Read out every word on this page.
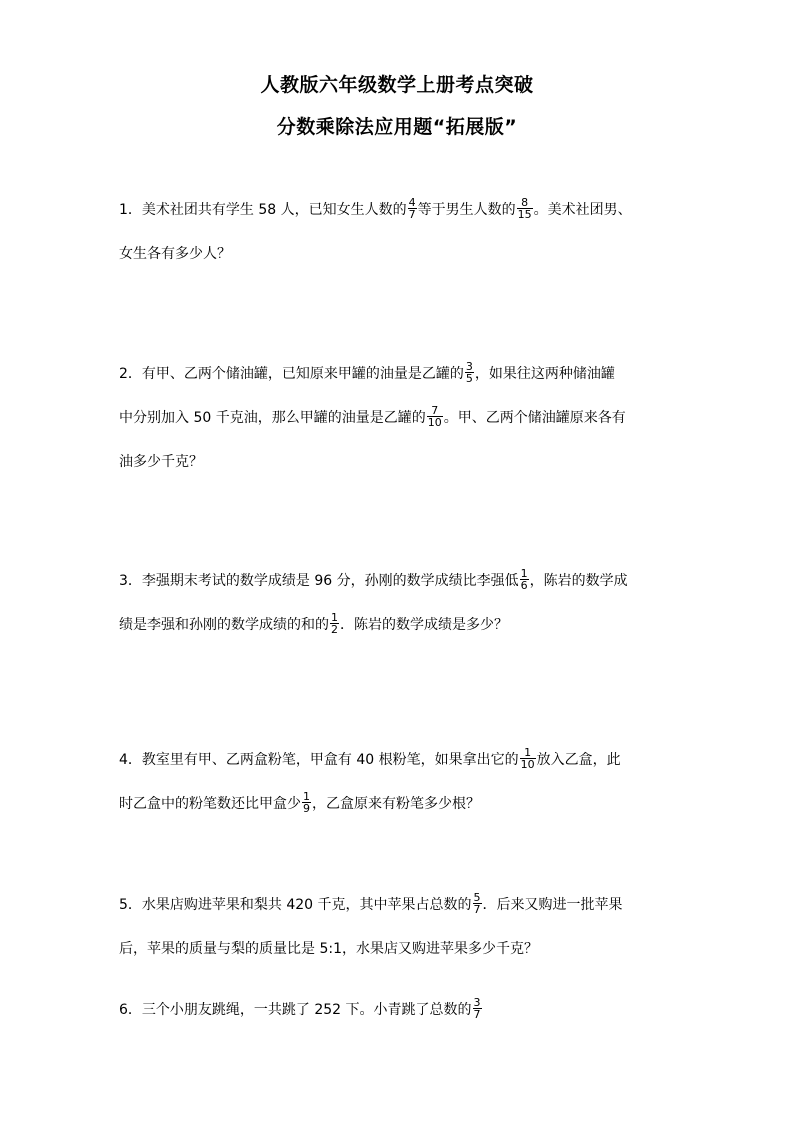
人教版六年级数学上册考点突破
分数乘除法应用题“拓展版”
1．美术社团共有学生 58 人，已知女生人数的 $\frac{4}{7}$ 等于男生人数的 $\frac{8}{15}$ 。美术社团男、
女生各有多少人？
2．有甲、乙两个储油罐，已知原来甲罐的油量是乙罐的 $\frac{3}{5}$ ，如果往这两种储油罐
中分别加入 50 千克油，那么甲罐的油量是乙罐的 $\frac{7}{10}$ 。甲、乙两个储油罐原来各有
油多少千克？
3．李强期末考试的数学成绩是 96 分，孙刚的数学成绩比李强低 $\frac{1}{6}$ ，陈岩的数学成
绩是李强和孙刚的数学成绩的和的 $\frac{1}{2}$ ．陈岩的数学成绩是多少？
4．教室里有甲、乙两盒粉笔，甲盒有 40 根粉笔，如果拿出它的 $\frac{1}{10}$ 放入乙盒，此
时乙盒中的粉笔数还比甲盒少 $\frac{1}{9}$ ，乙盒原来有粉笔多少根？
5．水果店购进苹果和梨共 420 千克，其中苹果占总数的 $\frac{5}{7}$ ．后来又购进一批苹果
后，苹果的质量与梨的质量比是 5:1，水果店又购进苹果多少千克？
6．三个小朋友跳绳，一共跳了 252 下。小青跳了总数的 $\frac{3}{7}$
